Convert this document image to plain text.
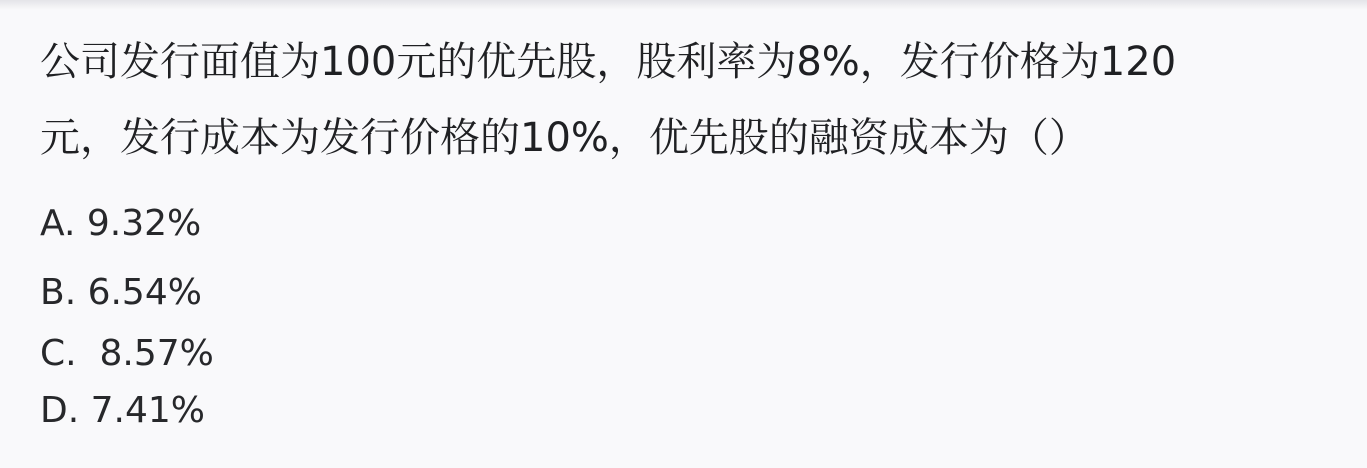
公司发行面值为100元的优先股，股利率为8%，发行价格为120

元，发行成本为发行价格的10%，优先股的融资成本为（）

A. 9.32%
B. 6.54%
C.  8.57%
D. 7.41%
